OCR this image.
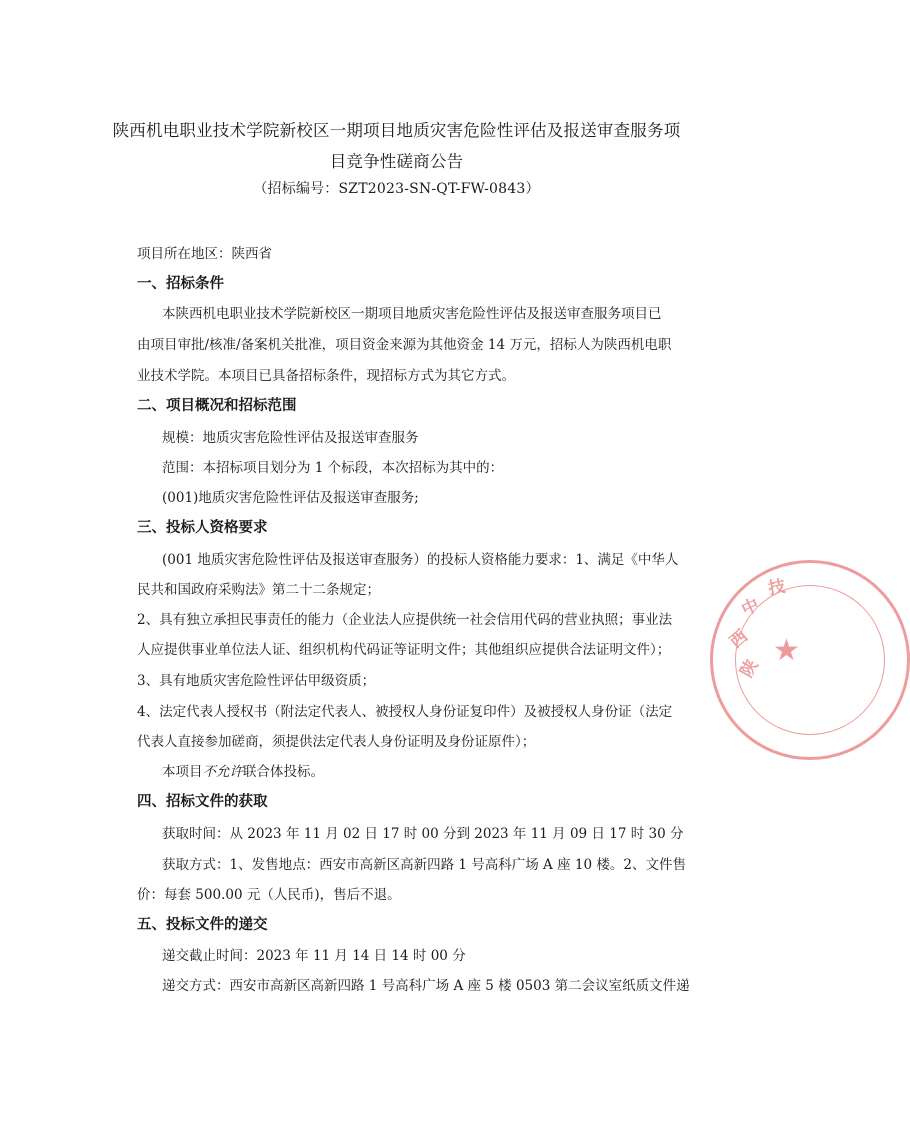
陕西机电职业技术学院新校区一期项目地质灾害危险性评估及报送审查服务项
目竞争性磋商公告
（招标编号：SZT2023-SN-QT-FW-0843）
项目所在地区：陕西省
一、招标条件
本陕西机电职业技术学院新校区一期项目地质灾害危险性评估及报送审查服务项目已
由项目审批/核准/备案机关批准，项目资金来源为其他资金 14 万元，招标人为陕西机电职
业技术学院。本项目已具备招标条件，现招标方式为其它方式。
二、项目概况和招标范围
规模：地质灾害危险性评估及报送审查服务
范围：本招标项目划分为 1 个标段，本次招标为其中的：
(001)地质灾害危险性评估及报送审查服务;
三、投标人资格要求
(001 地质灾害危险性评估及报送审查服务）的投标人资格能力要求：1、满足《中华人
民共和国政府采购法》第二十二条规定；
2、具有独立承担民事责任的能力（企业法人应提供统一社会信用代码的营业执照；事业法
人应提供事业单位法人证、组织机构代码证等证明文件；其他组织应提供合法证明文件）；
3、具有地质灾害危险性评估甲级资质；
4、法定代表人授权书（附法定代表人、被授权人身份证复印件）及被授权人身份证（法定
代表人直接参加磋商，须提供法定代表人身份证明及身份证原件）；
本项目不允许联合体投标。
四、招标文件的获取
获取时间：从 2023 年 11 月 02 日 17 时 00 分到 2023 年 11 月 09 日 17 时 30 分
获取方式：1、发售地点：西安市高新区高新四路 1 号高科广场 A 座 10 楼。2、文件售
价：每套 500.00 元（人民币)，售后不退。
五、投标文件的递交
递交截止时间：2023 年 11 月 14 日 14 时 00 分
递交方式：西安市高新区高新四路 1 号高科广场 A 座 5 楼 0503 第二会议室纸质文件递
★
陕
西
中
技
